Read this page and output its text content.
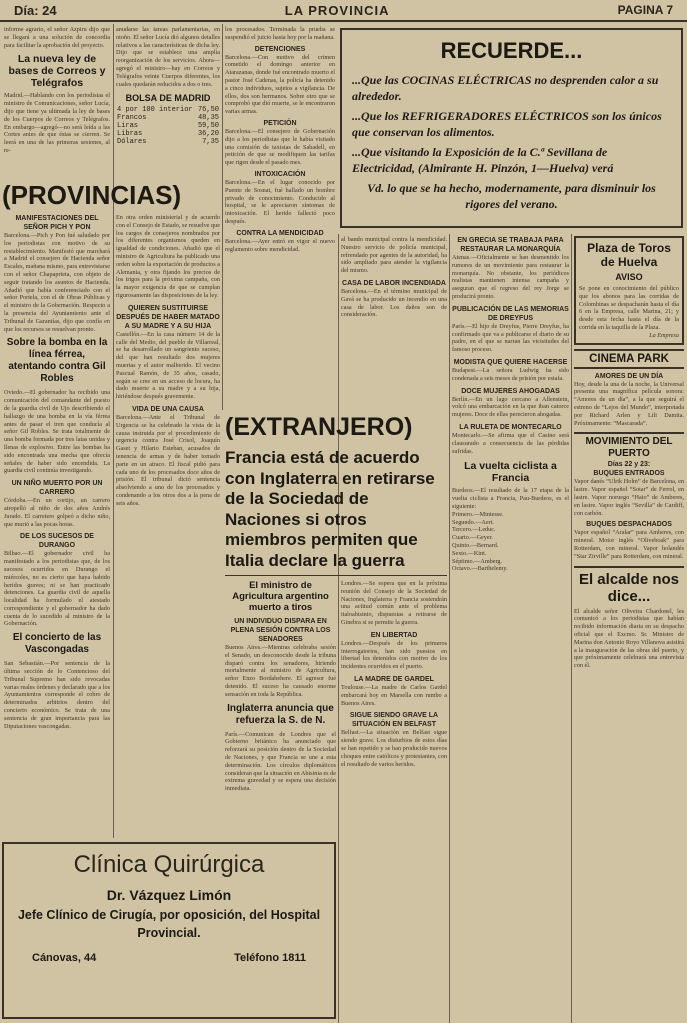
Día: 24	LA PROVINCIA	PAGINA 7

informe agrario, el señor Azpiru dijo que se llegará a una solución de concordia para facilitar la aprobación del proyecto.

La nueva ley de bases de Correos y Telégrafos

Madrid.—Hablando con los periodistas el ministro de Comunicaciones, señor Lucía, dijo que tiene ya ultimada la ley de bases de los Cuerpos de Correos y Telégrafos. En embargo—agregó—no será leída a las Cortes antes de que éstas se cierren. Se leerá en una de las primeras sesiones, al re-

(PROVINCIAS)
MANIFESTACIONES DEL SEÑOR PICH Y PON

Barcelona.—Pich y Pon fué saludado por los periodistas con motivo de su restablecimiento. Manifestó que marchará a Madrid el consejero de Hacienda señor Escales, mañana mismo, para entrevistarse con el señor Chapaprieta, con objeto de seguir tratando los asuntos de Hacienda. Añadió que había conferenciado con el señor Portela, con el de Obras Públicas y el ministro de la Gobernación. Respecto a la presencia del Ayuntamiento ante el Tribunal de Garantías, dijo que confía en que los recursos se resuelvan pronto.

Sobre la bomba en la línea férrea, atentando contra Gil Robles

Oviedo.—El gobernador ha recibido una comunicación del comandante del puesto de la guardia civil de Ujo describiendo el hallazgo de una bomba en la vía férrea antes de pasar el tren que conducía al señor Gil Robles. Se trata totalmente de una bomba formada por tres latas unidas y llenas de explosivo. Entre las bombas ha sido encontrada una mecha que ofrecía señales de haber sido encendida. La guardia civil continúa investigando.

UN NIÑO MUERTO POR UN CARRERO

Córdoba.—En un cortijo, un carrero atropelló al niño de dos años Andrés Jurado. El carretero golpeó a dicho niño, que murió a las pocas horas.

DE LOS SUCESOS DE DURANGO

Bilbao.—El gobernador civil ha manifestado a los periodistas que, de los sucesos ocurridos en Durango el miércoles, no es cierto que haya habido heridos graves; ni se han practicado detenciones. La guardia civil de aquella localidad ha formulado el atestado correspondiente y el gobernador ha dado cuenta de lo sucedido al ministro de la Gobernación.

El concierto de las Vascongadas

San Sebastián.—Por sentencia de la última sección de lo Contencioso del Tribunal Supremo han sido revocadas varias reales órdenes y declarado que a los Ayuntamientos corresponde el cobro de determinados arbitrios dentro del concierto económico. Se trata de una sentencia de gran importancia para las Diputaciones vascongadas.

anudarse las tareas parlamentarias, en otoño. El señor Lucía dió algunos detalles relativos a las características de dicha ley. Dijo que se establece una amplia reorganización de los servicios. Ahora—agregó el ministro—hay en Correos y Telégrafos veinte Cuerpos diferentes, los cuales quedarán reducidos a dos o tres.

BOLSA DE MADRID
4 por 100 interior	76,50
Francos	48,35
Liras	59,50
Libras	36,20
Dólares	7,35

En otra orden ministerial y de acuerdo con el Consejo de Estado, se resuelve que los cargos de consejeros nombrados por los diferentes organismos queden en igualdad de condiciones. Añadió que el ministro de Agricultura ha publicado una orden sobre la exportación de productos a Alemania, y otra fijando los precios de los trigos para la próxima campaña, con la mayor exigencia de que se cumplan rigurosamente las disposiciones de la ley.

QUIEREN SUSTITUIRSE DESPUÉS DE HABER MATADO A SU MADRE Y A SU HIJA

Castellón.—En la casa número 14 de la calle del Medio, del pueblo de Villarreal, se ha desarrollado un sangriento suceso, del que han resultado dos mujeres muertas y el autor malherido. El vecino Pascual Ramón, de 35 años, casado, según se cree en un acceso de locura, ha dado muerte a su madre y a su hija, hiriéndose después gravemente.

VIDA DE UNA CAUSA

Barcelona.—Ante el Tribunal de Urgencia se ha celebrado la vista de la causa instruida por el procedimiento de urgencia contra José Crisol, Joaquín Gaset y Hilario Esteban, acusados de tenencia de armas y de haber tomado parte en un atraco. El fiscal pidió para cada uno de los procesados doce años de prisión. El tribunal dictó sentencia absolviendo a uno de los procesados y condenando a los otros dos a la pena de seis años.

los procesados. Terminada la prueba se suspendió el juicio hasta hoy por la mañana.

DETENCIONES

Barcelona.—Con motivo del crimen cometido el domingo anterior en Atarazanas, donde fué encontrado muerto el pastor José Cadenas, la policía ha detenido a cinco individuos, sujetos a vigilancia. De ellos, dos son hermanos. Sobre otro que se comprobó que dió muerte, se le encontraron varias armas.

PETICIÓN

Barcelona.—El consejero de Gobernación dijo a los periodistas que le había visitado una comisión de taxistas de Sabadell, en petición de que se modifiquen las tarifas que rigen desde el pasado mes.

INTOXICACIÓN

Barcelona.—En el lugar conocido por Puente de Sosnat, fué hallado un hombre privado de conocimiento. Conducido al hospital, se le apreciaron síntomas de intoxicación. El herido falleció poco después.

CONTRA LA MENDICIDAD

Barcelona.—Ayer entró en vigor el nuevo reglamento sobre mendicidad.

RECUERDE...

...Que las COCINAS ELÉCTRICAS no desprenden calor a su alrededor.

...Que los REFRIGERADORES ELÉCTRICOS son los únicos que conservan los alimentos.

...Que visitando la Exposición de la C.ª Sevillana de Electricidad, (Almirante H. Pinzón, 1—Huelva) verá

Vd. lo que se ha hecho, modernamente, para disminuir los rigores del verano.

(EXTRANJERO)
Francia está de acuerdo con Inglaterra en retirarse de la Sociedad de Naciones si otros miembros permiten que Italia declare la guerra
El ministro de Agricultura argentino muerto a tiros
UN INDIVIDUO DISPARA EN PLENA SESIÓN CONTRA LOS SENADORES

Buenos Aires.—Mientras celebraba sesión el Senado, un desconocido desde la tribuna disparó contra los senadores, hiriendo mortalmente al ministro de Agricultura, señor Enzo Bordabehere. El agresor fué detenido. El suceso ha causado enorme sensación en toda la República.

Inglaterra anuncia que refuerza la S. de N.

París.—Comunican de Londres que el Gobierno británico ha anunciado que reforzará su posición dentro de la Sociedad de Naciones, y que Francia se une a esta determinación. Los círculos diplomáticos consideran que la situación en Abisinia es de extrema gravedad y se espera una decisión inmediata.

al bando municipal contra la mendicidad. Nuestro servicio de policía municipal, refrendado por agentes de la autoridad, ha sido ampliado para atender la vigilancia del mismo.

CASA DE LABOR INCENDIADA

Barcelona.—En el término municipal de Gavá se ha producido un incendio en una casa de labor. Los daños son de consideración.

Londres.—Se espera que en la próxima reunión del Consejo de la Sociedad de Naciones, Inglaterra y Francia sostendrán una actitud común ante el problema italoabisinio, dispuestas a retirarse de Ginebra si se permite la guerra.

EN LIBERTAD

Londres.—Después de los primeros interrogatorios, han sido puestos en libertad los detenidos con motivo de los incidentes ocurridos en el puerto.

LA MADRE DE GARDEL

Toulouse.—La madre de Carlos Gardel embarcará hoy en Marsella con rumbo a Buenos Aires.

SIGUE SIENDO GRAVE LA SITUACIÓN EN BELFAST

Belfast.—La situación en Belfast sigue siendo grave. Los disturbios de estos días se han repetido y se han producido nuevos choques entre católicos y protestantes, con el resultado de varios heridos.

EN GRECIA SE TRABAJA PARA RESTAURAR LA MONARQUÍA

Atenas.—Oficialmente se han desmentido los rumores de un movimiento para restaurar la monarquía. No obstante, los periódicos realistas mantienen intensa campaña y aseguran que el regreso del rey Jorge se producirá pronto.

PUBLICACIÓN DE LAS MEMORIAS DE DREYFUS

París.—El hijo de Dreyfus, Pierre Dreyfus, ha confirmado que va a publicarse el diario de su padre, en el que se narran las vicisitudes del famoso proceso.

MODISTA QUE QUIERE HACERSE

Budapest.—La señora Ludwig ha sido condenada a seis meses de prisión por estafa.

DOCE MUJERES AHOGADAS

Berlín.—En un lago cercano a Allenstein, volcó una embarcación en la que iban catorce mujeres. Doce de ellas perecieron ahogadas.

LA RULETA DE MONTECARLO

Montecarlo.—Se afirma que el Casino será clausurado a consecuencia de las pérdidas sufridas.

La vuelta ciclista a Francia

Burdeos.—El resultado de la 17 etapa de la vuelta ciclista a Francia, Pau-Burdeos, es el siguiente:

Primero.—Mintesse.

Segundo.—Aert.

Tercero.—Leduc.

Cuarto.—Geyer.

Quinto.—Bernard.

Sexto.—Kint.

Séptimo.—Amberg.

Octavo.—Barthelemy.

Plaza de Toros de Huelva
AVISO

Se pone en conocimiento del público que los abonos para las corridas de Colombinas se despacharán hasta el día 6 en la Empresa, calle Marina, 21; y desde esta fecha hasta el día de la corrida en la taquilla de la Plaza.

La Empresa

CINEMA PARK
AMORES DE UN DÍA

Hoy, desde la una de la noche, la Universal presenta una magnífica película sonora: “Amores de un día”, a la que seguirá el estreno de “Lejos del Mundo”, interpretada por Richard Arlen y Lili Damita. Próximamente: “Mascarada”.

MOVIMIENTO DEL PUERTO
Días 22 y 23:
BUQUES ENTRADOS

Vapor danés “Ulrik Holm” de Barcelona, en lastre. Vapor español “Sotar” de Ferrol, en lastre. Vapor noruego “Haio” de Amberes, en lastre. Vapor inglés “Sevilla” de Cardiff, con carbón.

BUQUES DESPACHADOS

Vapor español “Aralar” para Amberes, con mineral. Motor inglés “Oliveboak” para Rotterdam, con mineral. Vapor holandés “Star Zirville” para Rotterdam, con mineral.

El alcalde nos dice...

El alcalde señor Oliveira Chardonel, les comunicó a los periodistas que habían recibido información diaria en su despacho oficial que el Excmo. Sr. Ministro de Marina don Antonio Royo Villanova asistirá a la inauguración de las obras del puerto, y que próximamente celebrará una entrevista con él.

Clínica Quirúrgica
Dr. Vázquez Limón
Jefe Clínico de Cirugía, por oposición, del Hospital Provincial.
Cánovas, 44	Teléfono 1811
